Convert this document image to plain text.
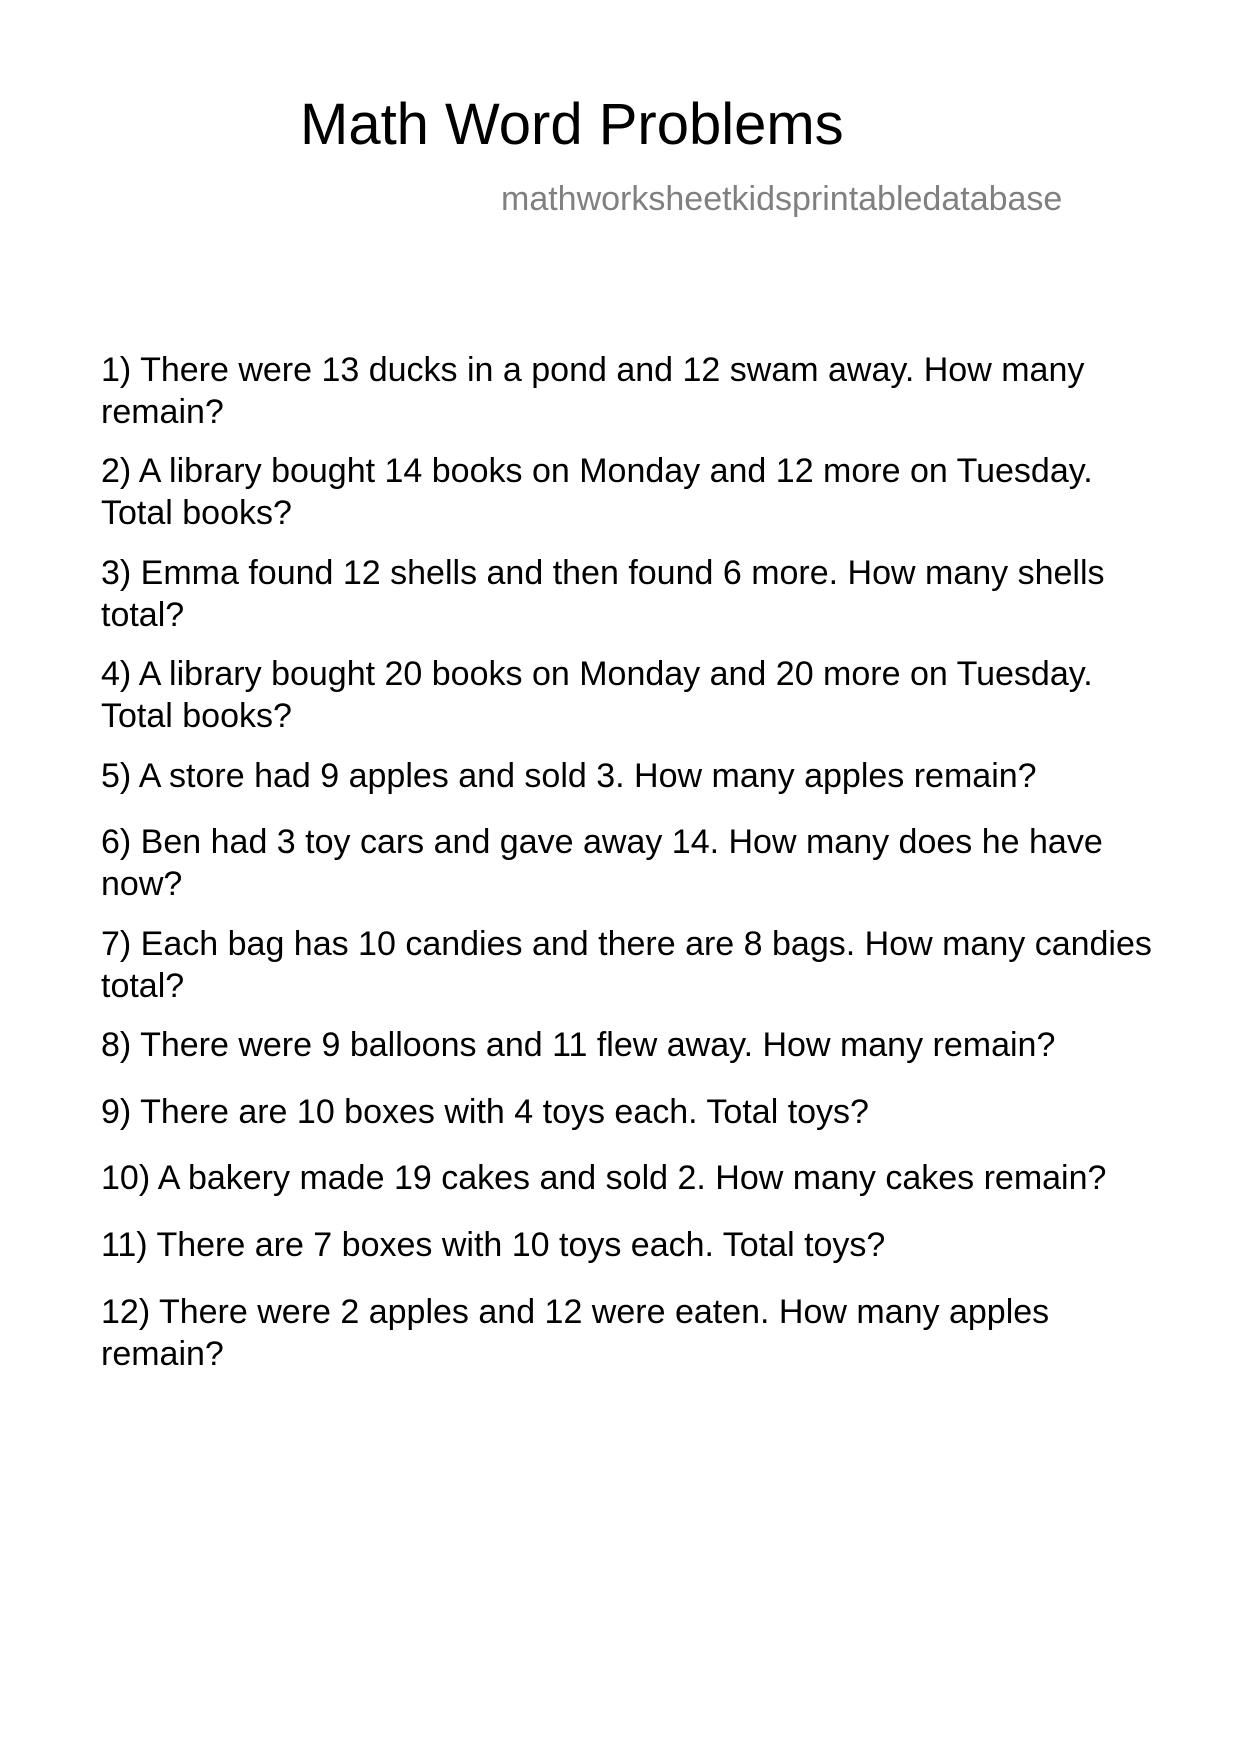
Math Word Problems
mathworksheetkidsprintabledatabase
1) There were 13 ducks in a pond and 12 swam away. How many remain?
2) A library bought 14 books on Monday and 12 more on Tuesday. Total books?
3) Emma found 12 shells and then found 6 more. How many shells total?
4) A library bought 20 books on Monday and 20 more on Tuesday. Total books?
5) A store had 9 apples and sold 3. How many apples remain?
6) Ben had 3 toy cars and gave away 14. How many does he have now?
7) Each bag has 10 candies and there are 8 bags. How many candies total?
8) There were 9 balloons and 11 flew away. How many remain?
9) There are 10 boxes with 4 toys each. Total toys?
10) A bakery made 19 cakes and sold 2. How many cakes remain?
11) There are 7 boxes with 10 toys each. Total toys?
12) There were 2 apples and 12 were eaten. How many apples remain?
